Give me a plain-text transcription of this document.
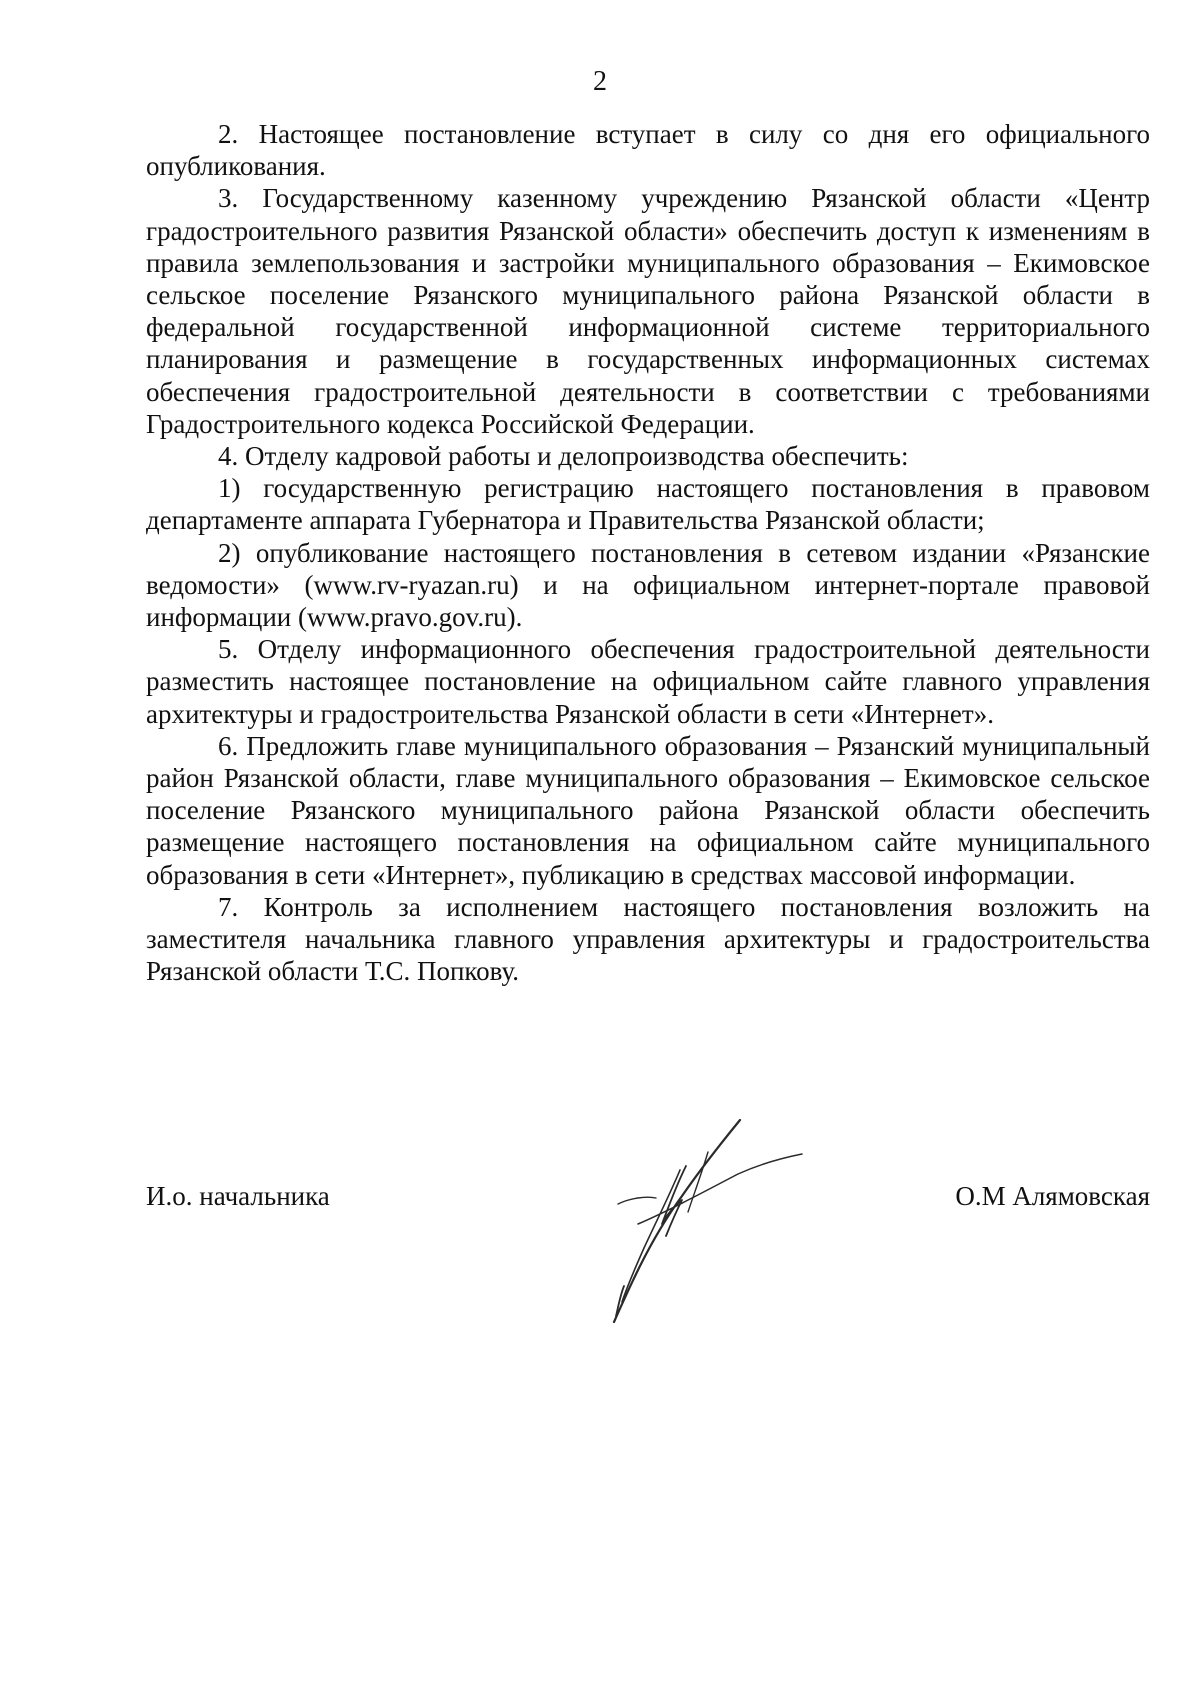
2

2. Настоящее постановление вступает в силу со дня его официального опубликования.

3. Государственному казенному учреждению Рязанской области «Центр градостроительного развития Рязанской области» обеспечить доступ к изменениям в правила землепользования и застройки муниципального образования – Екимовское сельское поселение Рязанского муниципального района Рязанской области в федеральной государственной информационной системе территориального планирования и размещение в государственных информационных системах обеспечения градостроительной деятельности в соответствии с требованиями Градостроительного кодекса Российской Федерации.

4. Отделу кадровой работы и делопроизводства обеспечить:

1) государственную регистрацию настоящего постановления в правовом департаменте аппарата Губернатора и Правительства Рязанской области;

2) опубликование настоящего постановления в сетевом издании «Рязанские ведомости» (www.rv-ryazan.ru) и на официальном интернет-портале правовой информации (www.pravo.gov.ru).

5. Отделу информационного обеспечения градостроительной деятельности разместить настоящее постановление на официальном сайте главного управления архитектуры и градостроительства Рязанской области в сети «Интернет».

6. Предложить главе муниципального образования – Рязанский муниципальный район Рязанской области, главе муниципального образования – Екимовское сельское поселение Рязанского муниципального района Рязанской области обеспечить размещение настоящего постановления на официальном сайте муниципального образования в сети «Интернет», публикацию в средствах массовой информации.

7. Контроль за исполнением настоящего постановления возложить на заместителя начальника главного управления архитектуры и градостроительства Рязанской области Т.С. Попкову.

И.о. начальника	О.М Алямовская
